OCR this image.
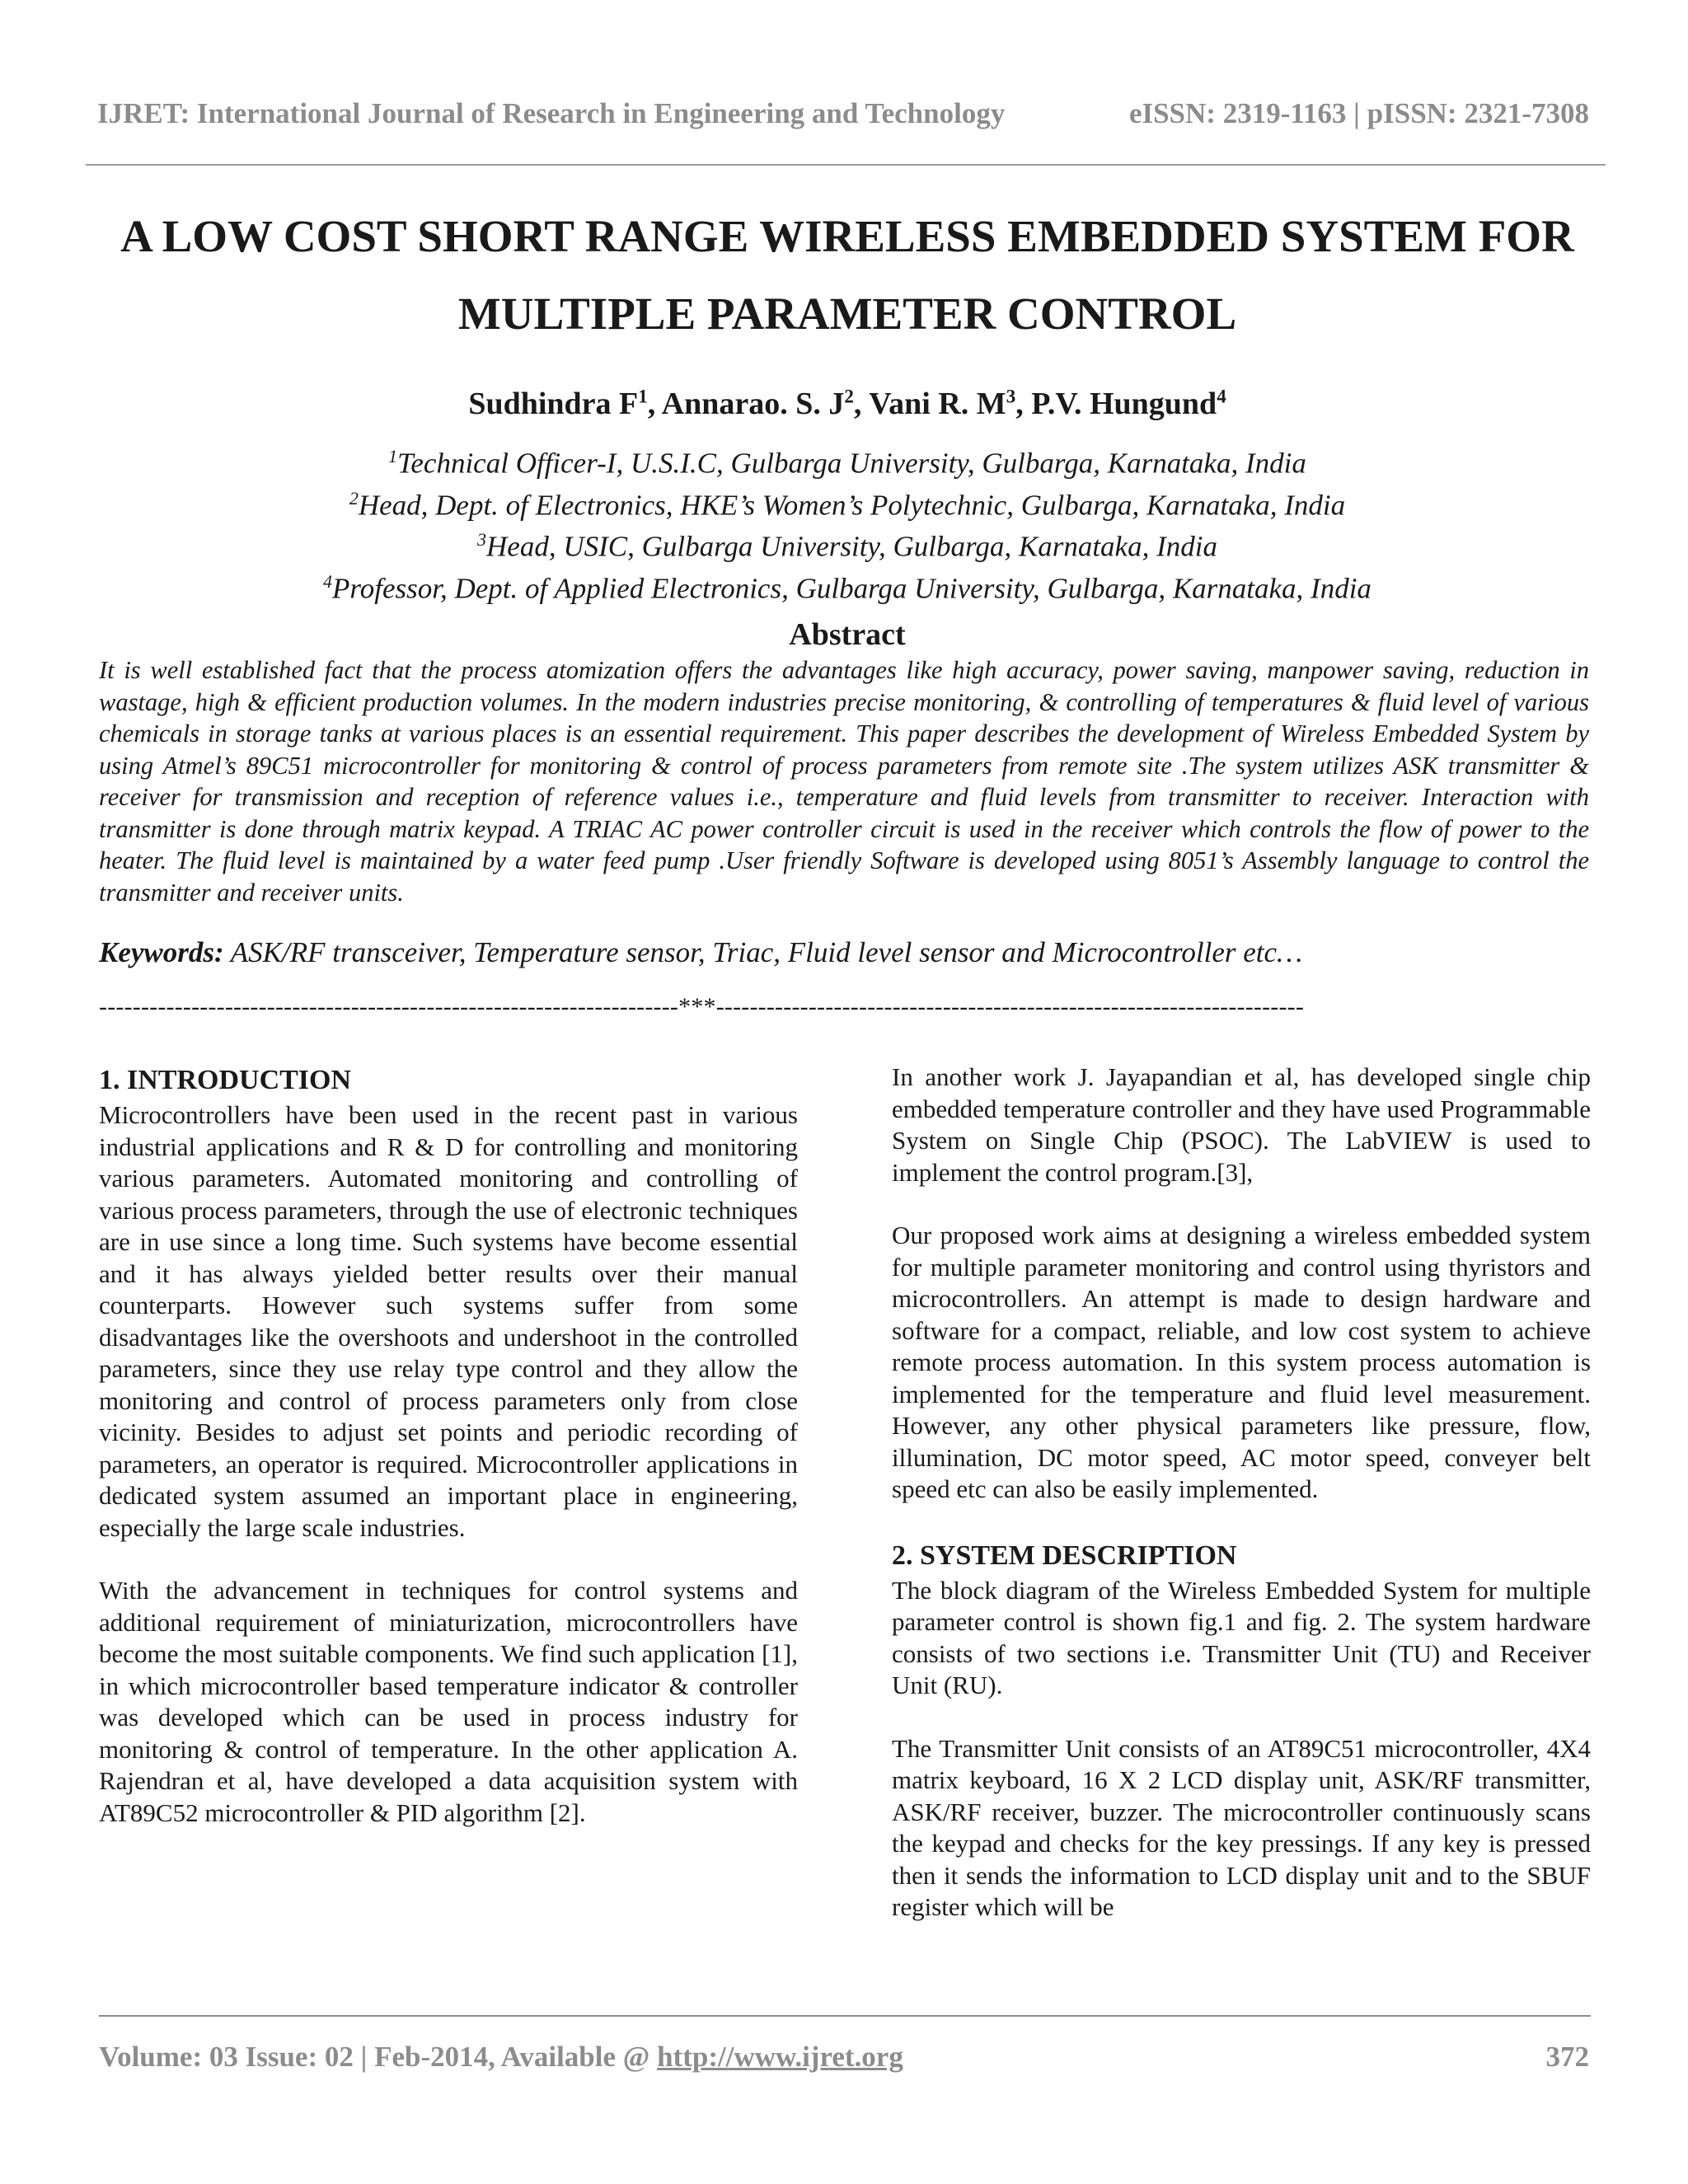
IJRET: International Journal of Research in Engineering and Technology	eISSN: 2319-1163 | pISSN: 2321-7308
A LOW COST SHORT RANGE WIRELESS EMBEDDED SYSTEM FOR
MULTIPLE PARAMETER CONTROL
Sudhindra $F^1$, Annarao. S. $J^2$, Vani R. $M^3$, P.V. Hungund$^4$
$^1$Technical Officer-I, U.S.I.C, Gulbarga University, Gulbarga, Karnataka, India
$^2$Head, Dept. of Electronics, HKE’s Women’s Polytechnic, Gulbarga, Karnataka, India
$^3$Head, USIC, Gulbarga University, Gulbarga, Karnataka, India
$^4$Professor, Dept. of Applied Electronics, Gulbarga University, Gulbarga, Karnataka, India
Abstract
It is well established fact that the process atomization offers the advantages like high accuracy, power saving, manpower saving, reduction in wastage, high & efficient production volumes. In the modern industries precise monitoring, & controlling of temperatures & fluid level of various chemicals in storage tanks at various places is an essential requirement. This paper describes the development of Wireless Embedded System by using Atmel’s 89C51 microcontroller for monitoring & control of process parameters from remote site .The system utilizes ASK transmitter & receiver for transmission and reception of reference values i.e., temperature and fluid levels from transmitter to receiver. Interaction with transmitter is done through matrix keypad. A TRIAC AC power controller circuit is used in the receiver which controls the flow of power to the heater. The fluid level is maintained by a water feed pump .User friendly Software is developed using 8051’s Assembly language to control the transmitter and receiver units.
Keywords: ASK/RF transceiver, Temperature sensor, Triac, Fluid level sensor and Microcontroller etc…
---------------------------------------------------------------------***----------------------------------------------------------------------
1. INTRODUCTION

Microcontrollers have been used in the recent past in various industrial applications and R & D for controlling and monitoring various parameters. Automated monitoring and controlling of various process parameters, through the use of electronic techniques are in use since a long time. Such systems have become essential and it has always yielded better results over their manual counterparts. However such systems suffer from some disadvantages like the overshoots and undershoot in the controlled parameters, since they use relay type control and they allow the monitoring and control of process parameters only from close vicinity. Besides to adjust set points and periodic recording of parameters, an operator is required. Microcontroller applications in dedicated system assumed an important place in engineering, especially the large scale industries.

With the advancement in techniques for control systems and additional requirement of miniaturization, microcontrollers have become the most suitable components. We find such application [1], in which microcontroller based temperature indicator & controller was developed which can be used in process industry for monitoring & control of temperature. In the other application A. Rajendran et al, have developed a data acquisition system with AT89C52 microcontroller & PID algorithm [2].

In another work J. Jayapandian et al, has developed single chip embedded temperature controller and they have used Programmable System on Single Chip (PSOC). The LabVIEW is used to implement the control program.[3],

Our proposed work aims at designing a wireless embedded system for multiple parameter monitoring and control using thyristors and microcontrollers. An attempt is made to design hardware and software for a compact, reliable, and low cost system to achieve remote process automation. In this system process automation is implemented for the temperature and fluid level measurement. However, any other physical parameters like pressure, flow, illumination, DC motor speed, AC motor speed, conveyer belt speed etc can also be easily implemented.

2. SYSTEM DESCRIPTION

The block diagram of the Wireless Embedded System for multiple parameter control is shown fig.1 and fig. 2. The system hardware consists of two sections i.e. Transmitter Unit (TU) and Receiver Unit (RU).

The Transmitter Unit consists of an AT89C51 microcontroller, 4X4 matrix keyboard, 16 X 2 LCD display unit, ASK/RF transmitter, ASK/RF receiver, buzzer. The microcontroller continuously scans the keypad and checks for the key pressings. If any key is pressed then it sends the information to LCD display unit and to the SBUF register which will be

Volume: 03 Issue: 02 | Feb-2014, Available @ http://www.ijret.org	372
